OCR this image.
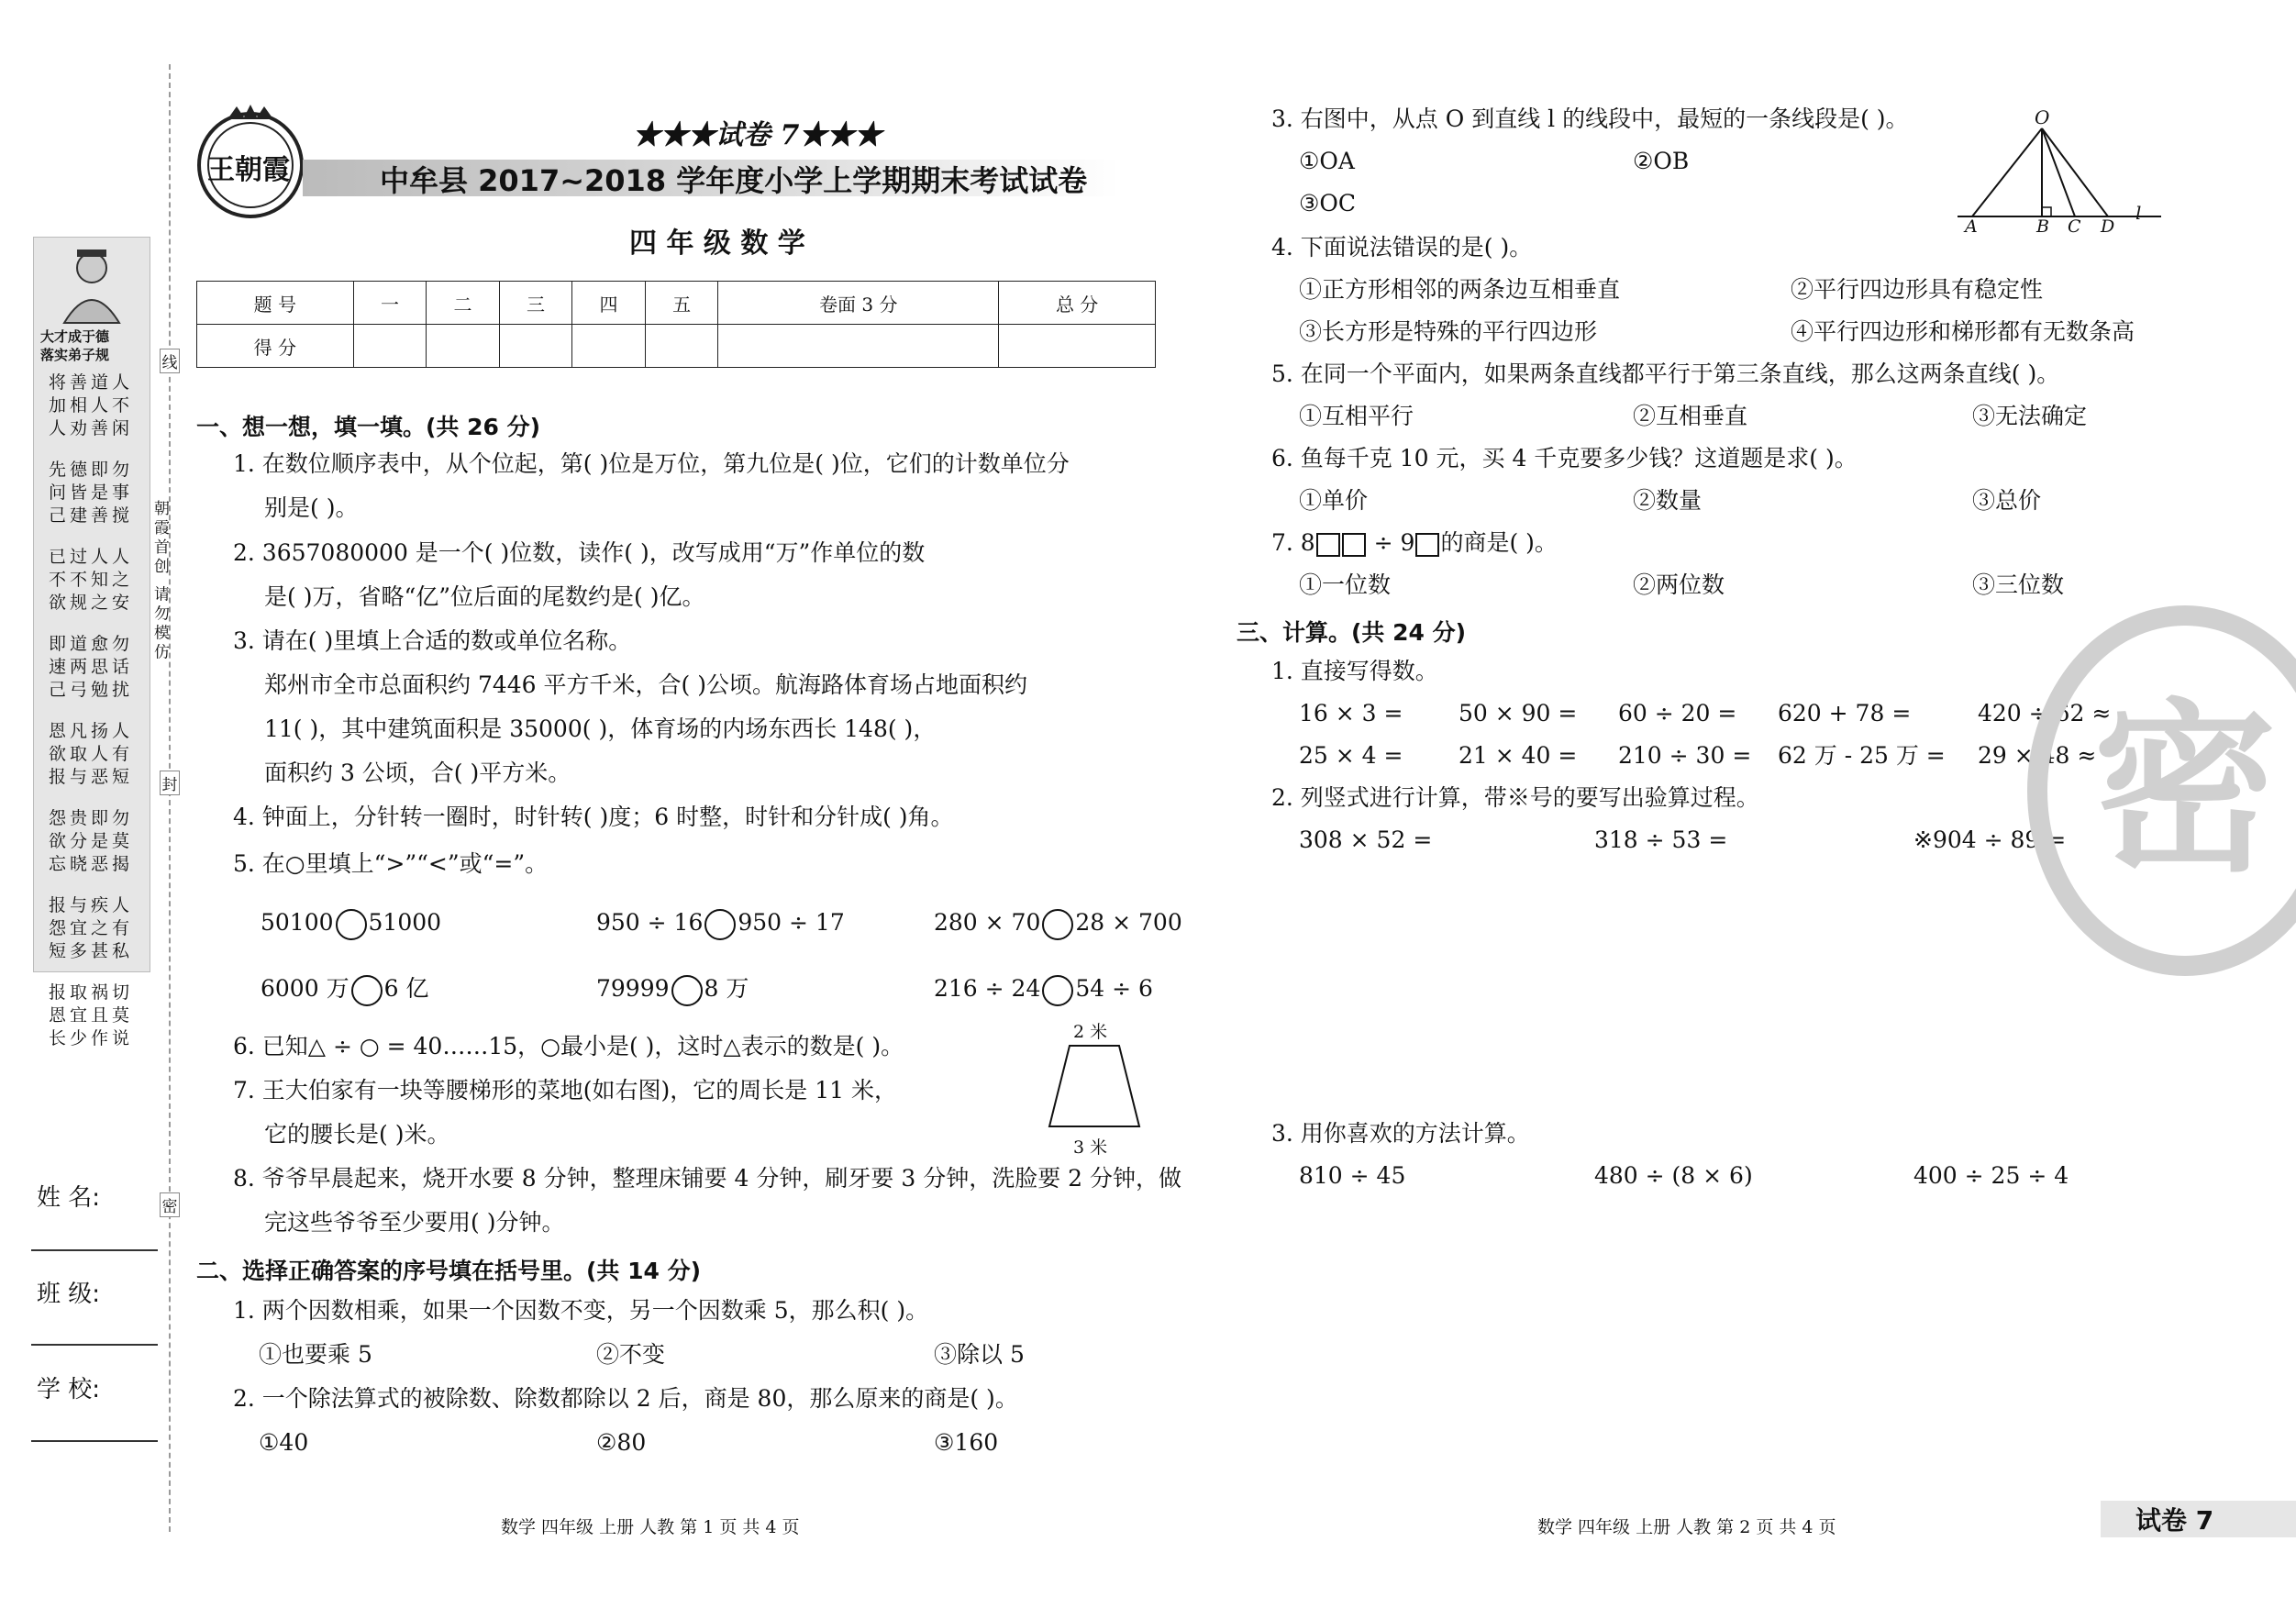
大才成于德
落实弟子规
将善道人
加相人不
人劝善闲
先德即勿
问皆是事
己建善搅
已过人人
不不知之
欲规之安
即道愈勿
速两思话
己弓勉扰
恩凡扬人
欲取人有
报与恶短
怨贵即勿
欲分是莫
忘晓恶揭
报与疾人
怨宜之有
短多甚私
报取祸切
恩宜且莫
长少作说
姓 名:
班 级:
学 校:
线
封
密
朝霞首创 请勿模仿
王朝霞
★★★试卷 7★★★
中牟县 2017~2018 学年度小学上学期期末考试试卷
四 年 级 数 学
题 号	一	二	三	四	五	卷面 3 分	总 分
得 分							
一、想一想，填一填。(共 26 分)
1. 在数位顺序表中，从个位起，第( )位是万位，第九位是( )位，它们的计数单位分
别是( )。
2. 3657080000 是一个( )位数，读作( )，改写成用“万”作单位的数
是( )万，省略“亿”位后面的尾数约是( )亿。
3. 请在( )里填上合适的数或单位名称。
郑州市全市总面积约 7446 平方千米，合( )公顷。航海路体育场占地面积约
11( )，其中建筑面积是 35000( )，体育场的内场东西长 148( )，
面积约 3 公顷，合( )平方米。
4. 钟面上，分针转一圈时，时针转( )度；6 时整，时针和分针成( )角。
5. 在○里填上“>”“<”或“=”。
50100 51000	950 ÷ 16 950 ÷ 17	280 × 70 28 × 700
6000 万 6 亿	79999 8 万	216 ÷ 24 54 ÷ 6
6. 已知△ ÷ ○ = 40……15，○最小是( )，这时△表示的数是( )。
7. 王大伯家有一块等腰梯形的菜地(如右图)，它的周长是 11 米，
它的腰长是( )米。
8. 爷爷早晨起来，烧开水要 8 分钟，整理床铺要 4 分钟，刷牙要 3 分钟，洗脸要 2 分钟，做
完这些爷爷至少要用( )分钟。
2 米
3 米
二、选择正确答案的序号填在括号里。(共 14 分)
1. 两个因数相乘，如果一个因数不变，另一个因数乘 5，那么积( )。
①也要乘 5	②不变	③除以 5
2. 一个除法算式的被除数、除数都除以 2 后，商是 80，那么原来的商是( )。
①40	②80	③160
3. 右图中，从点 O 到直线 l 的线段中，最短的一条线段是( )。
①OA	②OB
③OC
O
A	B C D
l
4. 下面说法错误的是( )。
①正方形相邻的两条边互相垂直	②平行四边形具有稳定性
③长方形是特殊的平行四边形	④平行四边形和梯形都有无数条高
5. 在同一个平面内，如果两条直线都平行于第三条直线，那么这两条直线( )。
①互相平行	②互相垂直	③无法确定
6. 鱼每千克 10 元，买 4 千克要多少钱？这道题是求( )。
①单价	②数量	③总价
7. 8 ÷ 9 的商是( )。
①一位数	②两位数	③三位数
三、计算。(共 24 分)
1. 直接写得数。
16 × 3 = 50 × 90 = 60 ÷ 20 = 620 + 78 =	420 ÷ 62 ≈
25 × 4 = 21 × 40 = 210 ÷ 30 = 62 万 - 25 万 = 29 × 48 ≈
2. 列竖式进行计算，带※号的要写出验算过程。
308 × 52 =	318 ÷ 53 =	※904 ÷ 89 =
3. 用你喜欢的方法计算。
810 ÷ 45	480 ÷ (8 × 6)	400 ÷ 25 ÷ 4
密
数学 四年级 上册 人教 第 1 页 共 4 页	数学 四年级 上册 人教 第 2 页 共 4 页	试卷 7
